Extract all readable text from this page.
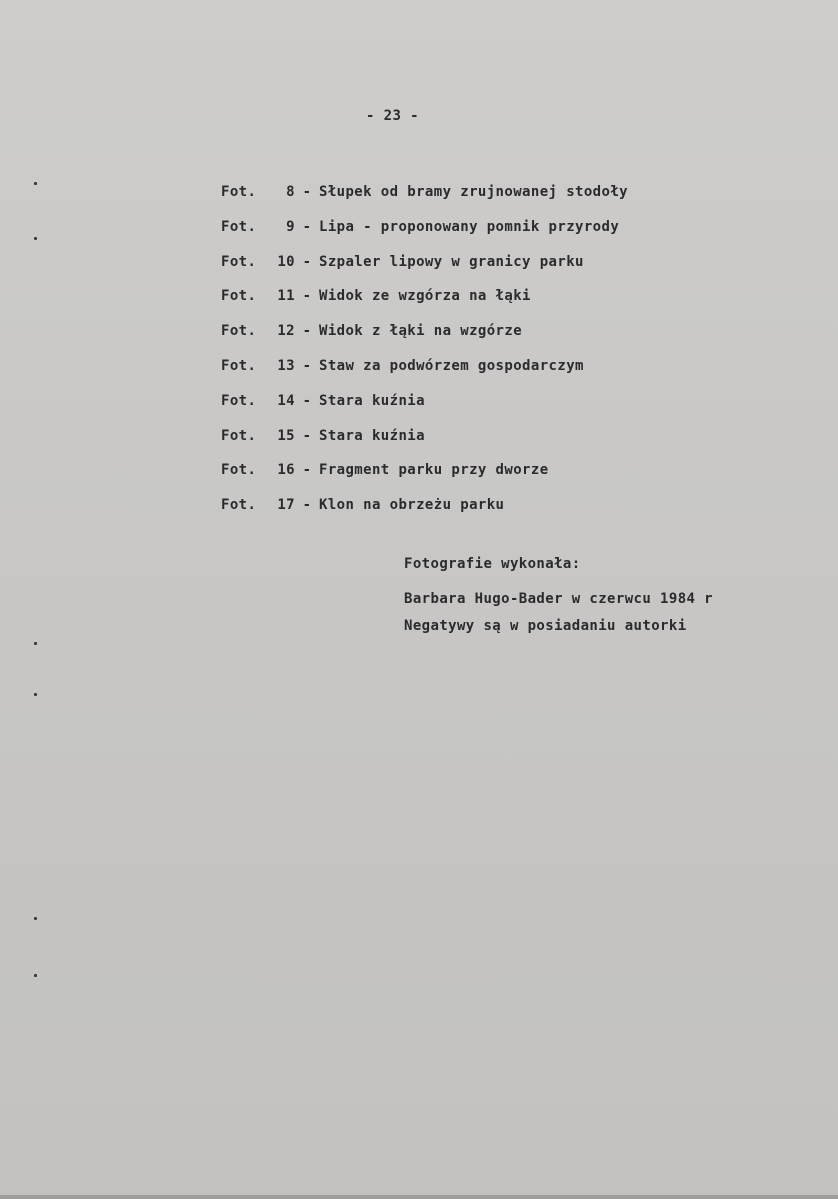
- 23 -

Fot. 8 - Słupek od bramy zrujnowanej stodoły

Fot. 9 - Lipa - proponowany pomnik przyrody

Fot. 10 - Szpaler lipowy w granicy parku

Fot. 11 - Widok ze wzgórza na łąki

Fot. 12 - Widok z łąki na wzgórze

Fot. 13 - Staw za podwórzem gospodarczym

Fot. 14 - Stara kuźnia

Fot. 15 - Stara kuźnia

Fot. 16 - Fragment parku przy dworze

Fot. 17 - Klon na obrzeżu parku

Fotografie wykonała:
Barbara Hugo-Bader w czerwcu 1984 r
Negatywy są w posiadaniu autorki
